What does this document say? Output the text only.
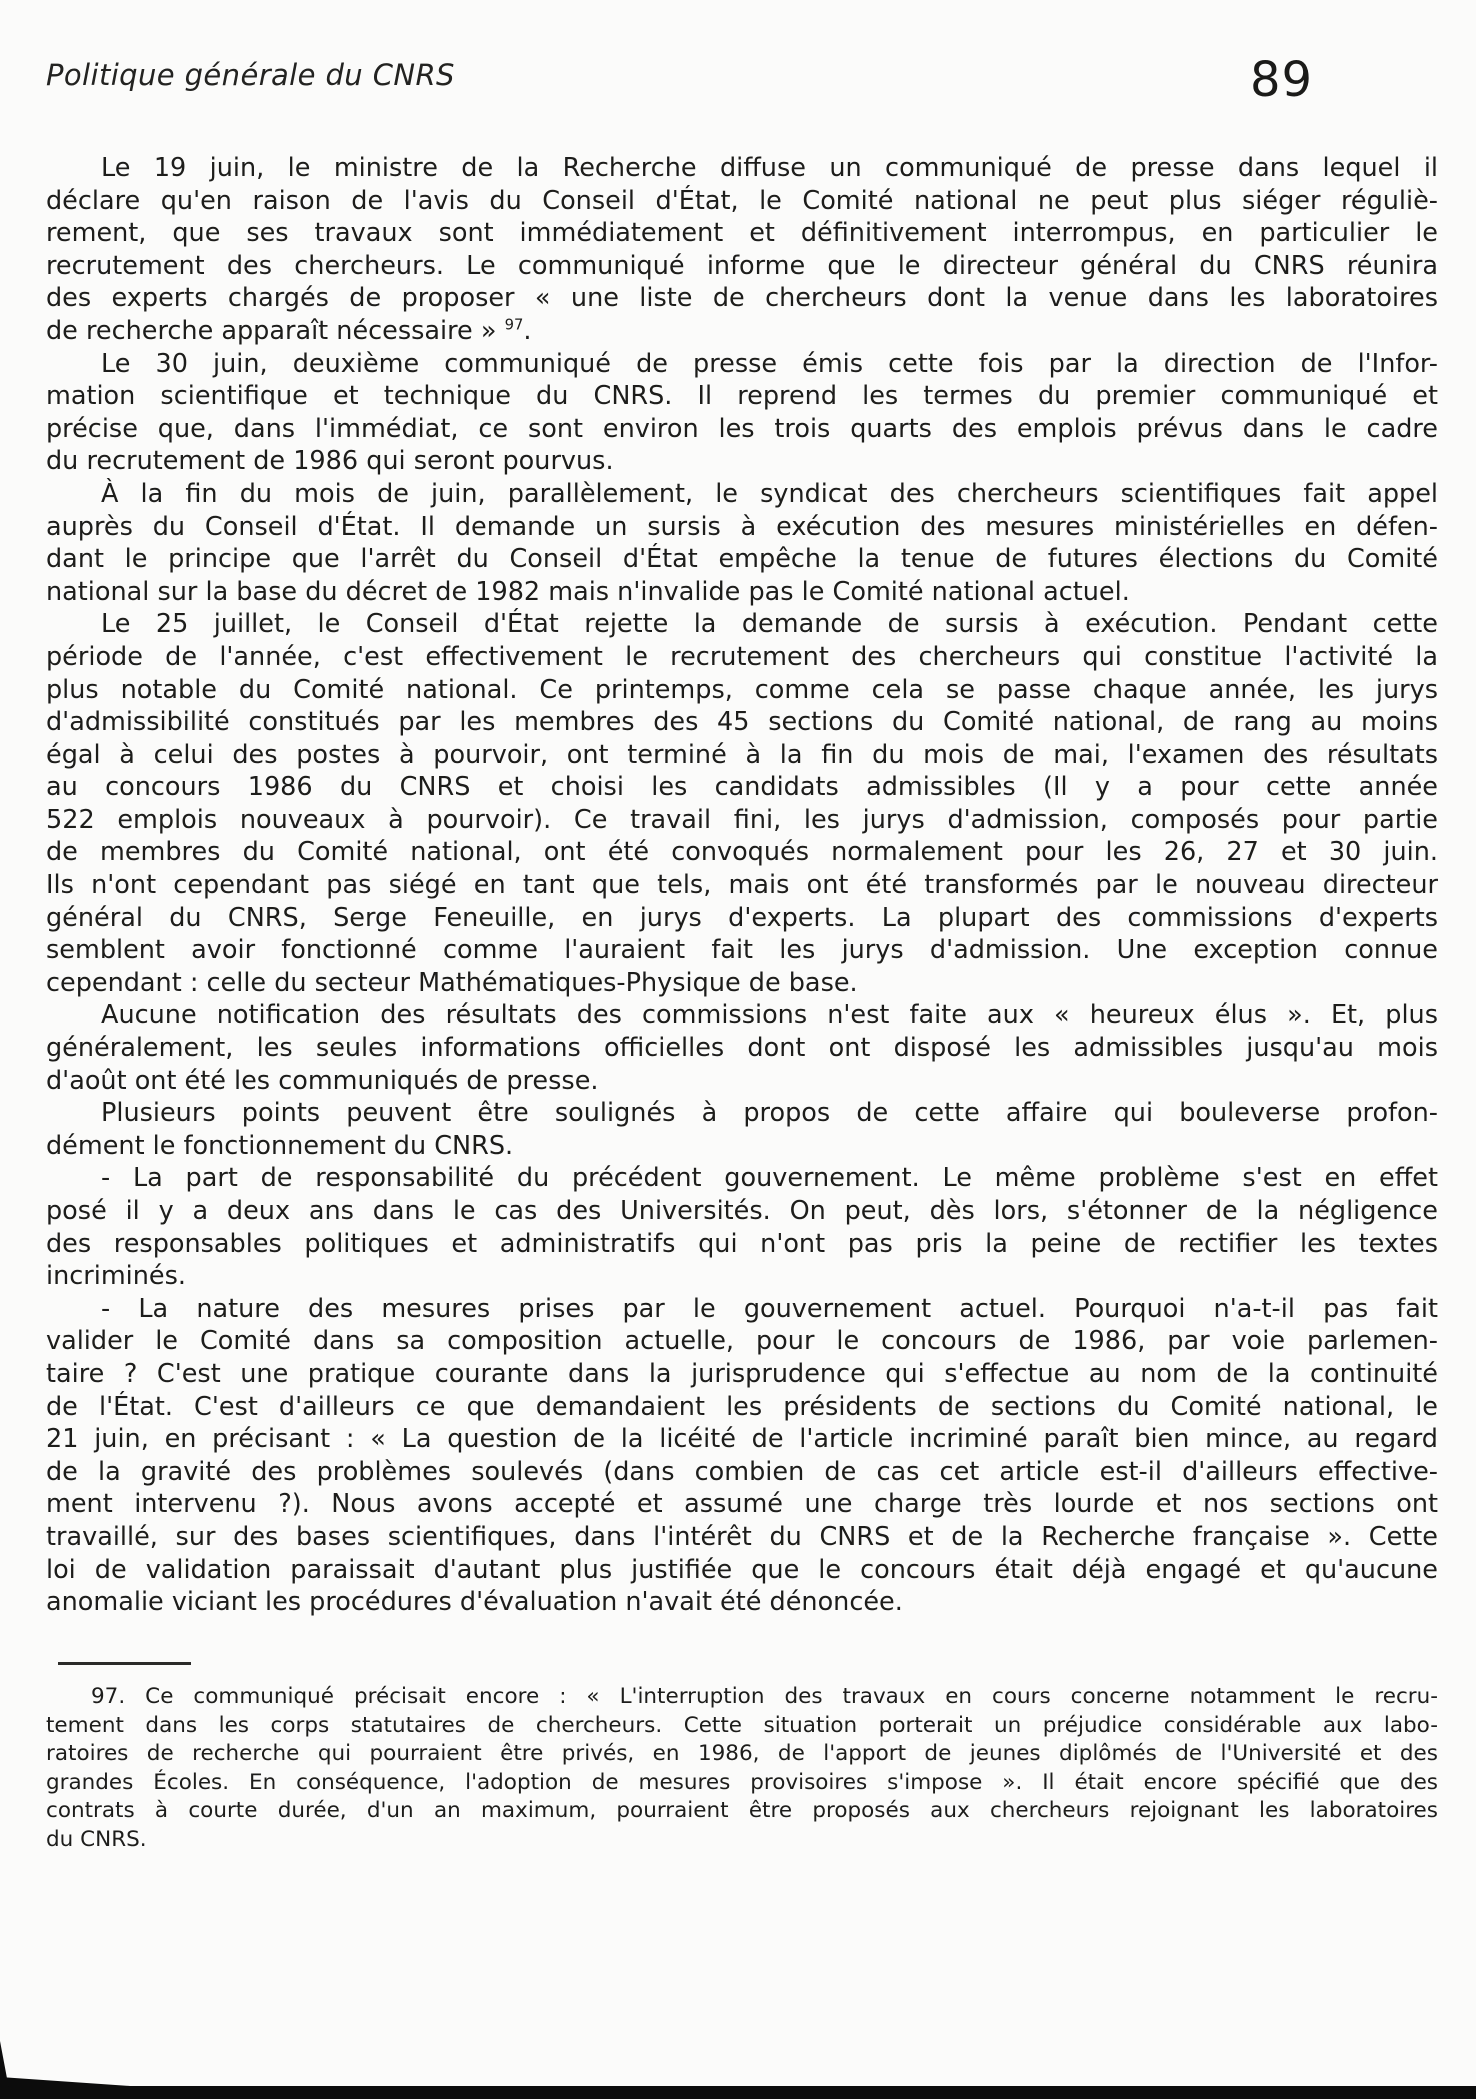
Politique générale du CNRS	89
Le 19 juin, le ministre de la Recherche diffuse un communiqué de presse dans lequel il
déclare qu'en raison de l'avis du Conseil d'État, le Comité national ne peut plus siéger réguliè-
rement, que ses travaux sont immédiatement et définitivement interrompus, en particulier le
recrutement des chercheurs. Le communiqué informe que le directeur général du CNRS réunira
des experts chargés de proposer « une liste de chercheurs dont la venue dans les laboratoires
de recherche apparaît nécessaire » $^{97}$.
Le 30 juin, deuxième communiqué de presse émis cette fois par la direction de l'Infor-
mation scientifique et technique du CNRS. Il reprend les termes du premier communiqué et
précise que, dans l'immédiat, ce sont environ les trois quarts des emplois prévus dans le cadre
du recrutement de 1986 qui seront pourvus.
À la fin du mois de juin, parallèlement, le syndicat des chercheurs scientifiques fait appel
auprès du Conseil d'État. Il demande un sursis à exécution des mesures ministérielles en défen-
dant le principe que l'arrêt du Conseil d'État empêche la tenue de futures élections du Comité
national sur la base du décret de 1982 mais n'invalide pas le Comité national actuel.
Le 25 juillet, le Conseil d'État rejette la demande de sursis à exécution. Pendant cette
période de l'année, c'est effectivement le recrutement des chercheurs qui constitue l'activité la
plus notable du Comité national. Ce printemps, comme cela se passe chaque année, les jurys
d'admissibilité constitués par les membres des 45 sections du Comité national, de rang au moins
égal à celui des postes à pourvoir, ont terminé à la fin du mois de mai, l'examen des résultats
au concours 1986 du CNRS et choisi les candidats admissibles (Il y a pour cette année
522 emplois nouveaux à pourvoir). Ce travail fini, les jurys d'admission, composés pour partie
de membres du Comité national, ont été convoqués normalement pour les 26, 27 et 30 juin.
Ils n'ont cependant pas siégé en tant que tels, mais ont été transformés par le nouveau directeur
général du CNRS, Serge Feneuille, en jurys d'experts. La plupart des commissions d'experts
semblent avoir fonctionné comme l'auraient fait les jurys d'admission. Une exception connue
cependant : celle du secteur Mathématiques-Physique de base.
Aucune notification des résultats des commissions n'est faite aux « heureux élus ». Et, plus
généralement, les seules informations officielles dont ont disposé les admissibles jusqu'au mois
d'août ont été les communiqués de presse.
Plusieurs points peuvent être soulignés à propos de cette affaire qui bouleverse profon-
dément le fonctionnement du CNRS.
- La part de responsabilité du précédent gouvernement. Le même problème s'est en effet
posé il y a deux ans dans le cas des Universités. On peut, dès lors, s'étonner de la négligence
des responsables politiques et administratifs qui n'ont pas pris la peine de rectifier les textes
incriminés.
- La nature des mesures prises par le gouvernement actuel. Pourquoi n'a-t-il pas fait
valider le Comité dans sa composition actuelle, pour le concours de 1986, par voie parlemen-
taire ? C'est une pratique courante dans la jurisprudence qui s'effectue au nom de la continuité
de l'État. C'est d'ailleurs ce que demandaient les présidents de sections du Comité national, le
21 juin, en précisant : « La question de la licéité de l'article incriminé paraît bien mince, au regard
de la gravité des problèmes soulevés (dans combien de cas cet article est-il d'ailleurs effective-
ment intervenu ?). Nous avons accepté et assumé une charge très lourde et nos sections ont
travaillé, sur des bases scientifiques, dans l'intérêt du CNRS et de la Recherche française ». Cette
loi de validation paraissait d'autant plus justifiée que le concours était déjà engagé et qu'aucune
anomalie viciant les procédures d'évaluation n'avait été dénoncée.
97. Ce communiqué précisait encore : « L'interruption des travaux en cours concerne notamment le recru-
tement dans les corps statutaires de chercheurs. Cette situation porterait un préjudice considérable aux labo-
ratoires de recherche qui pourraient être privés, en 1986, de l'apport de jeunes diplômés de l'Université et des
grandes Écoles. En conséquence, l'adoption de mesures provisoires s'impose ». Il était encore spécifié que des
contrats à courte durée, d'un an maximum, pourraient être proposés aux chercheurs rejoignant les laboratoires
du CNRS.
